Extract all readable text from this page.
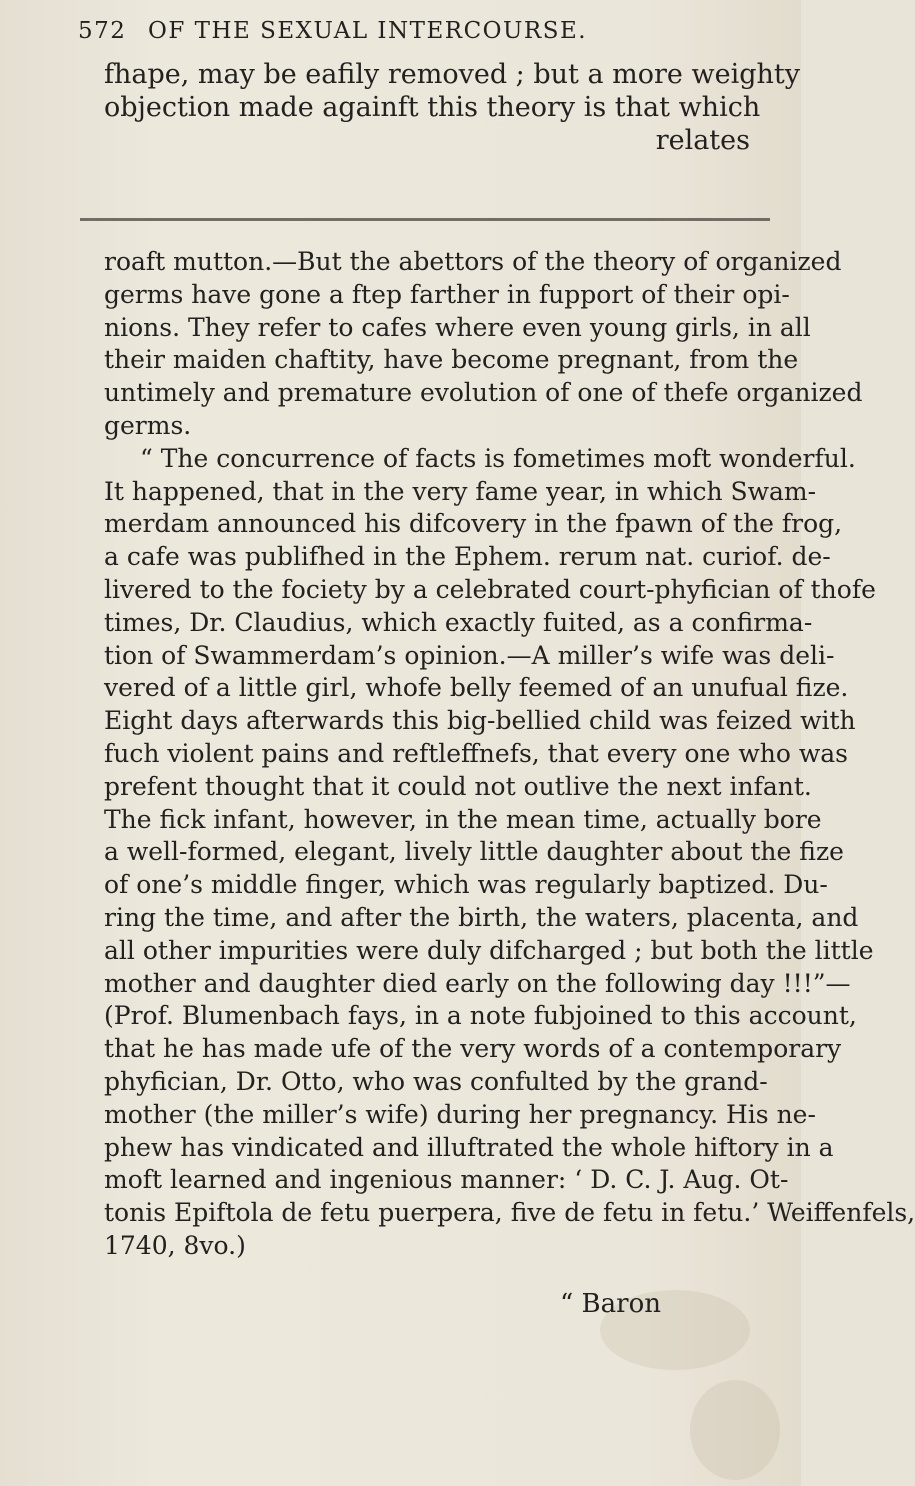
572 OF THE SEXUAL INTERCOURSE.
fhape, may be eafily removed ; but a more weighty
objection made againft this theory is that which
relates
roaft mutton.—But the abettors of the theory of organized
germs have gone a ftep farther in fupport of their opi-
nions. They refer to cafes where even young girls, in all
their maiden chaftity, have become pregnant, from the
untimely and premature evolution of one of thefe organized
germs.
“ The concurrence of facts is fometimes moft wonderful.
It happened, that in the very fame year, in which Swam-
merdam announced his difcovery in the fpawn of the frog,
a cafe was publifhed in the Ephem. rerum nat. curiof. de-
livered to the fociety by a celebrated court-phyfician of thofe
times, Dr. Claudius, which exactly fuited, as a confirma-
tion of Swammerdam’s opinion.—A miller’s wife was deli-
vered of a little girl, whofe belly feemed of an unufual fize.
Eight days afterwards this big-bellied child was feized with
fuch violent pains and reftleffnefs, that every one who was
prefent thought that it could not outlive the next infant.
The fick infant, however, in the mean time, actually bore
a well-formed, elegant, lively little daughter about the fize
of one’s middle finger, which was regularly baptized. Du-
ring the time, and after the birth, the waters, placenta, and
all other impurities were duly difcharged ; but both the little
mother and daughter died early on the following day !!!”—
(Prof. Blumenbach fays, in a note fubjoined to this account,
that he has made ufe of the very words of a contemporary
phyfician, Dr. Otto, who was confulted by the grand-
mother (the miller’s wife) during her pregnancy. His ne-
phew has vindicated and illuftrated the whole hiftory in a
moft learned and ingenious manner: ‘ D. C. J. Aug. Ot-
tonis Epiftola de fetu puerpera, five de fetu in fetu.’ Weiffenfels,
1740, 8vo.)
“ Baron
